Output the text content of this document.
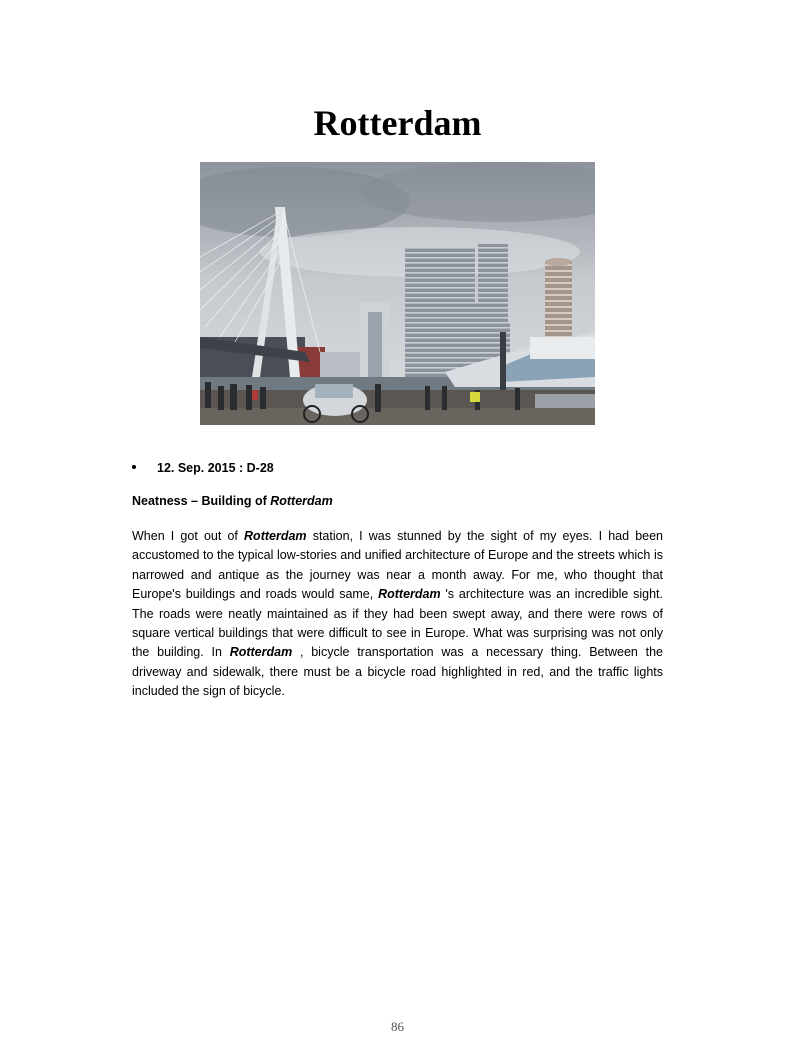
Rotterdam
12. Sep. 2015 : D-28

Neatness – Building of Rotterdam

When I got out of Rotterdam station, I was stunned by the sight of my eyes. I had been accustomed to the typical low-stories and unified architecture of Europe and the streets which is narrowed and antique as the journey was near a month away. For me, who thought that Europe's buildings and roads would same, Rotterdam 's architecture was an incredible sight. The roads were neatly maintained as if they had been swept away, and there were rows of square vertical buildings that were difficult to see in Europe. What was surprising was not only the building. In Rotterdam , bicycle transportation was a necessary thing. Between the driveway and sidewalk, there must be a bicycle road highlighted in red, and the traffic lights included the sign of bicycle.

86
